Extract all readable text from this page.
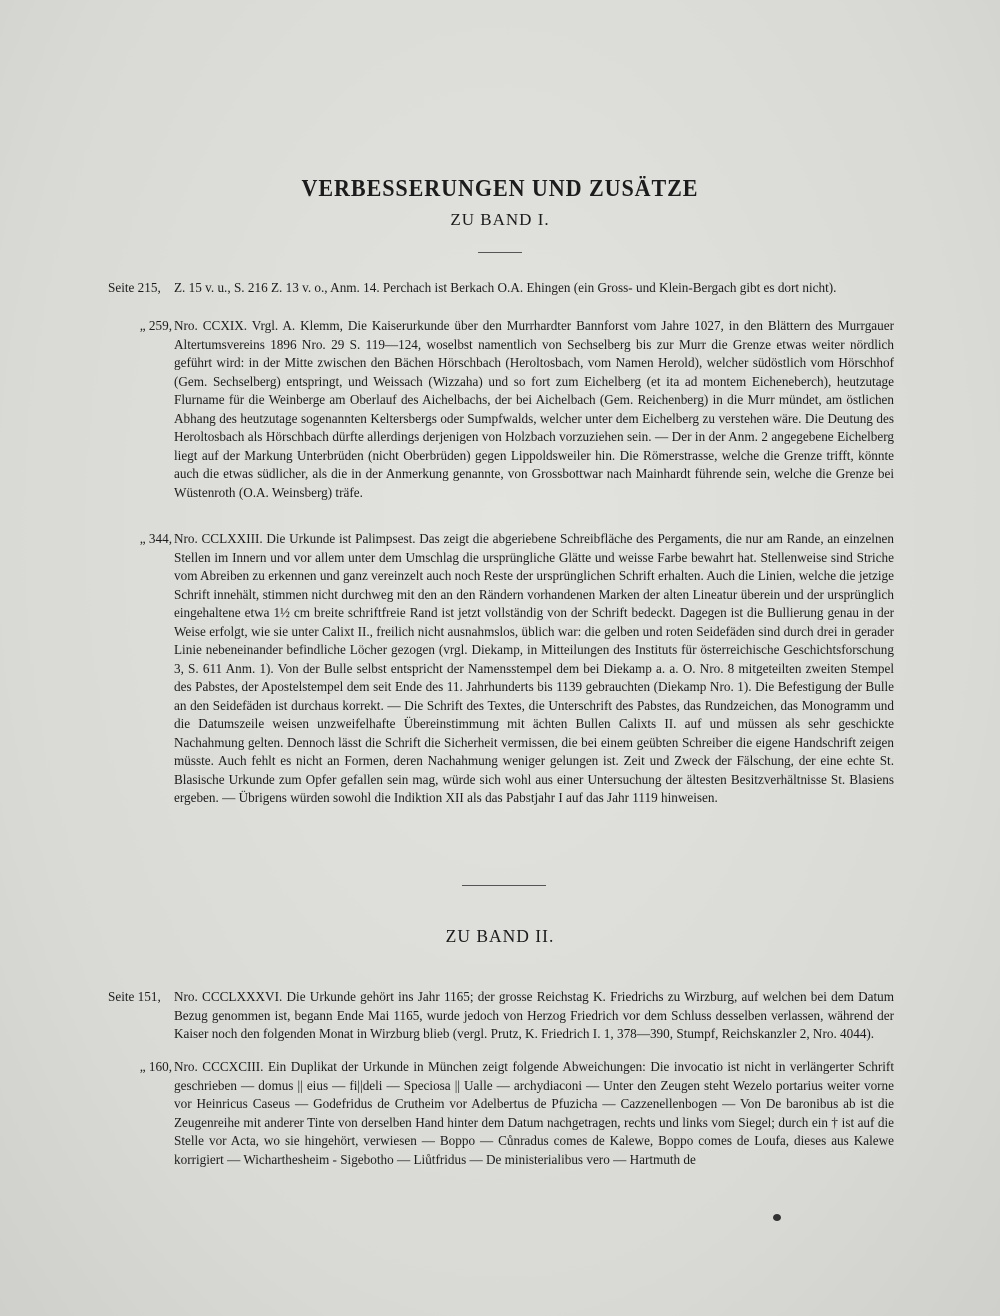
VERBESSERUNGEN UND ZUSÄTZE
ZU BAND I.
Seite 215,	Z. 15 v. u., S. 216 Z. 13 v. o., Anm. 14. Perchach ist Berkach O.A. Ehingen (ein Gross- und Klein-Bergach gibt es dort nicht).
„ 259, Nro. CCXIX. Vrgl. A. Klemm, Die Kaiserurkunde über den Murrhardter Bannforst vom Jahre 1027, in den Blättern des Murrgauer Altertumsvereins 1896 Nro. 29 S. 119—124, woselbst namentlich von Sechselberg bis zur Murr die Grenze etwas weiter nördlich geführt wird: in der Mitte zwischen den Bächen Hörschbach (Heroltosbach, vom Namen Herold), welcher südöstlich vom Hörschhof (Gem. Sechselberg) entspringt, und Weissach (Wizzaha) und so fort zum Eichelberg (et ita ad montem Eicheneberch), heutzutage Flurname für die Weinberge am Oberlauf des Aichelbachs, der bei Aichelbach (Gem. Reichenberg) in die Murr mündet, am östlichen Abhang des heutzutage sogenannten Keltersbergs oder Sumpfwalds, welcher unter dem Eichelberg zu verstehen wäre. Die Deutung des Heroltosbach als Hörschbach dürfte allerdings derjenigen von Holzbach vorzuziehen sein. — Der in der Anm. 2 angegebene Eichelberg liegt auf der Markung Unterbrüden (nicht Oberbrüden) gegen Lippoldsweiler hin. Die Römerstrasse, welche die Grenze trifft, könnte auch die etwas südlicher, als die in der Anmerkung genannte, von Grossbottwar nach Mainhardt führende sein, welche die Grenze bei Wüstenroth (O.A. Weinsberg) träfe.
„ 344, Nro. CCLXXIII. Die Urkunde ist Palimpsest. Das zeigt die abgeriebene Schreibfläche des Pergaments, die nur am Rande, an einzelnen Stellen im Innern und vor allem unter dem Umschlag die ursprüngliche Glätte und weisse Farbe bewahrt hat. Stellenweise sind Striche vom Abreiben zu erkennen und ganz vereinzelt auch noch Reste der ursprünglichen Schrift erhalten. Auch die Linien, welche die jetzige Schrift innehält, stimmen nicht durchweg mit den an den Rändern vorhandenen Marken der alten Lineatur überein und der ursprünglich eingehaltene etwa 1½ cm breite schriftfreie Rand ist jetzt vollständig von der Schrift bedeckt. Dagegen ist die Bullierung genau in der Weise erfolgt, wie sie unter Calixt II., freilich nicht ausnahmslos, üblich war: die gelben und roten Seidefäden sind durch drei in gerader Linie nebeneinander befindliche Löcher gezogen (vrgl. Diekamp, in Mitteilungen des Instituts für österreichische Geschichtsforschung 3, S. 611 Anm. 1). Von der Bulle selbst entspricht der Namensstempel dem bei Diekamp a. a. O. Nro. 8 mitgeteilten zweiten Stempel des Pabstes, der Apostelstempel dem seit Ende des 11. Jahrhunderts bis 1139 gebrauchten (Diekamp Nro. 1). Die Befestigung der Bulle an den Seidefäden ist durchaus korrekt. — Die Schrift des Textes, die Unterschrift des Pabstes, das Rundzeichen, das Monogramm und die Datumszeile weisen unzweifelhafte Übereinstimmung mit ächten Bullen Calixts II. auf und müssen als sehr geschickte Nachahmung gelten. Dennoch lässt die Schrift die Sicherheit vermissen, die bei einem geübten Schreiber die eigene Handschrift zeigen müsste. Auch fehlt es nicht an Formen, deren Nachahmung weniger gelungen ist. Zeit und Zweck der Fälschung, der eine echte St. Blasische Urkunde zum Opfer gefallen sein mag, würde sich wohl aus einer Untersuchung der ältesten Besitzverhältnisse St. Blasiens ergeben. — Übrigens würden sowohl die Indiktion XII als das Pabstjahr I auf das Jahr 1119 hinweisen.
ZU BAND II.
Seite 151,	Nro. CCCLXXXVI. Die Urkunde gehört ins Jahr 1165; der grosse Reichstag K. Friedrichs zu Wirzburg, auf welchen bei dem Datum Bezug genommen ist, begann Ende Mai 1165, wurde jedoch von Herzog Friedrich vor dem Schluss desselben verlassen, während der Kaiser noch den folgenden Monat in Wirzburg blieb (vergl. Prutz, K. Friedrich I. 1, 378—390, Stumpf, Reichskanzler 2, Nro. 4044).
„ 160, Nro. CCCXCIII. Ein Duplikat der Urkunde in München zeigt folgende Abweichungen: Die invocatio ist nicht in verlängerter Schrift geschrieben — domus || eius — fi||deli — Speciosa || Ualle — archydiaconi — Unter den Zeugen steht Wezelo portarius weiter vorne vor Heinricus Caseus — Godefridus de Crutheim vor Adelbertus de Pfuzicha — Cazzenellenbogen — Von De baronibus ab ist die Zeugenreihe mit anderer Tinte von derselben Hand hinter dem Datum nachgetragen, rechts und links vom Siegel; durch ein † ist auf die Stelle vor Acta, wo sie hingehört, verwiesen — Boppo — Cůnradus comes de Kalewe, Boppo comes de Loufa, dieses aus Kalewe korrigiert — Wicharthesheim - Sigebotho — Liůtfridus — De ministerialibus vero — Hartmuth de
